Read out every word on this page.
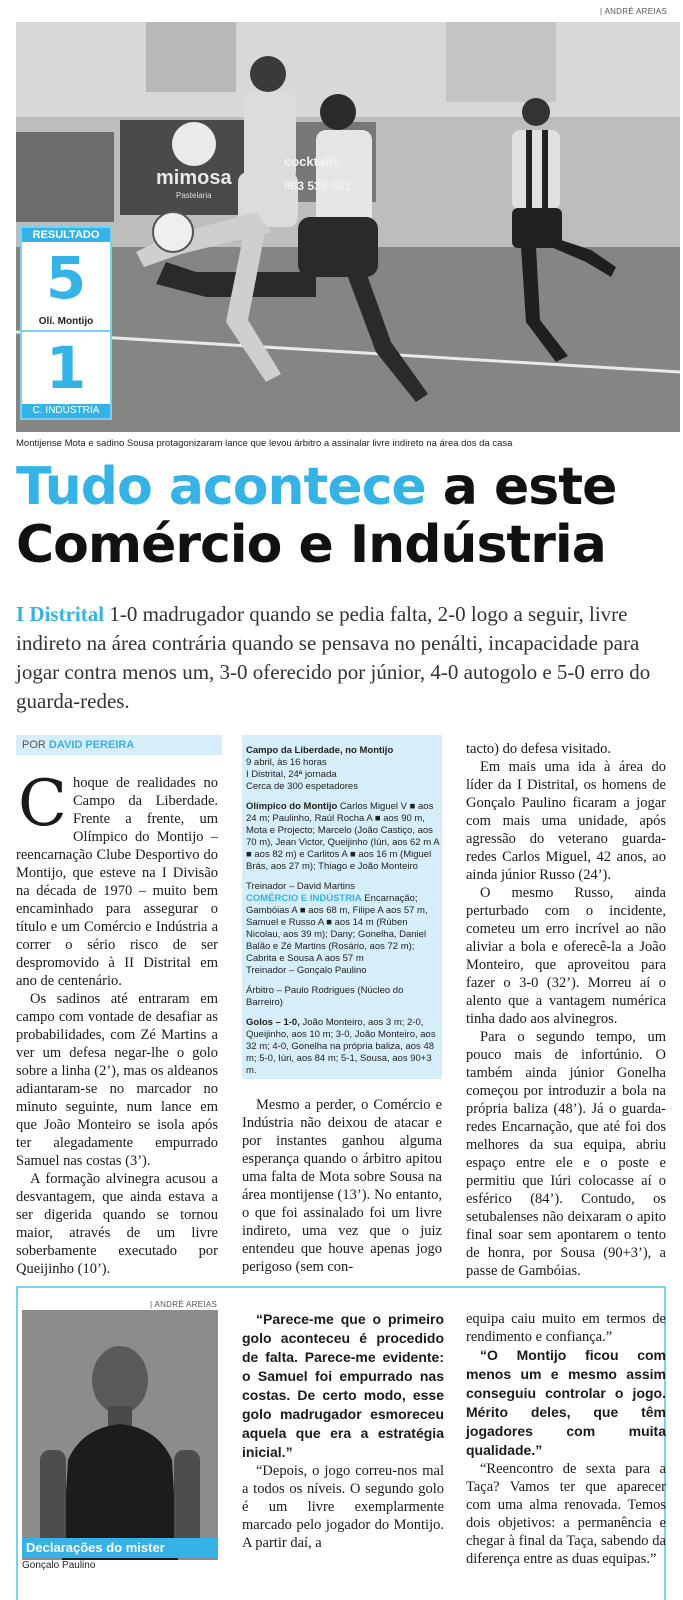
| ANDRÉ AREIAS
mimosa
Pastelaria
cocktails
963 535 581
RESULTADO
5
Olí. Montijo
1
C. INDÚSTRIA
Montijense Mota e sadino Sousa protagonizaram lance que levou árbitro a assinalar livre indireto na área dos da casa
Tudo acontece a este
Comércio e Indústria
I Distrital 1-0 madrugador quando se pedia falta, 2-0 logo a seguir, livre indireto na área contrária quando se pensava no penálti, incapacidade para jogar contra menos um, 3-0 oferecido por júnior, 4-0 autogolo e 5-0 erro do guarda-redes.
POR DAVID PEREIRA

Choque de realidades no Campo da Liberdade. Frente a frente, um Olímpico do Montijo – reencarnação Clube Desportivo do Montijo, que esteve na I Divisão na década de 1970 – muito bem encaminhado para assegurar o título e um Comércio e Indústria a correr o sério risco de ser despromovido à II Distrital em ano de centenário.

Os sadinos até entraram em campo com vontade de desafiar as probabilidades, com Zé Martins a ver um defesa negar-lhe o golo sobre a linha (2’), mas os aldeanos adiantaram-se no marcador no minuto seguinte, num lance em que João Monteiro se isola após ter alegadamente empurrado Samuel nas costas (3’).

A formação alvinegra acusou a desvantagem, que ainda estava a ser digerida quando se tornou maior, através de um livre soberbamente executado por Queijinho (10’).

Campo da Liberdade, no Montijo
9 abril, às 16 horas
I Distrital, 24ª jornada
Cerca de 300 espetadores

Olímpico do Montijo Carlos Miguel V ■ aos 24 m; Paulinho, Raúl Rocha A ■ aos 90 m, Mota e Projecto; Marcelo (João Castiço, aos 70 m), Jean Victor, Queijinho (Iúri, aos 62 m A ■ aos 82 m) e Carlitos A ■ aos 16 m (Miguel Brás, aos 27 m); Thiago e João Monteiro

Treinador – David Martins

COMÉRCIO E INDÚSTRIA Encarnação; Gambóias A ■ aos 68 m, Filipe A aos 57 m, Samuel e Russo A ■ aos 14 m (Rúben Nicolau, aos 39 m); Dany; Gonelha, Daniel Balão e Zé Martins (Rosário, aos 72 m); Cabrita e Sousa A aos 57 m

Treinador – Gonçalo Paulino

Árbitro – Paulo Rodrigues (Núcleo do Barreiro)

Golos – 1-0, João Monteiro, aos 3 m; 2-0, Queijinho, aos 10 m; 3-0, João Monteiro, aos 32 m; 4-0, Gonelha na própria baliza, aos 48 m; 5-0, Iúri, aos 84 m; 5-1, Sousa, aos 90+3 m.

Mesmo a perder, o Comércio e Indústria não deixou de atacar e por instantes ganhou alguma esperança quando o árbitro apitou uma falta de Mota sobre Sousa na área montijense (13’). No entanto, o que foi assinalado foi um livre indireto, uma vez que o juiz entendeu que houve apenas jogo perigoso (sem con-

tacto) do defesa visitado.

Em mais uma ida à área do líder da I Distrital, os homens de Gonçalo Paulino ficaram a jogar com mais uma unidade, após agressão do veterano guarda-redes Carlos Miguel, 42 anos, ao ainda júnior Russo (24’).

O mesmo Russo, ainda perturbado com o incidente, cometeu um erro incrível ao não aliviar a bola e oferecê-la a João Monteiro, que aproveitou para fazer o 3-0 (32’). Morreu aí o alento que a vantagem numérica tinha dado aos alvinegros.

Para o segundo tempo, um pouco mais de infortúnio. O também ainda júnior Gonelha começou por introduzir a bola na própria baliza (48’). Já o guarda-redes Encarnação, que até foi dos melhores da sua equipa, abriu espaço entre ele e o poste e permitiu que Iúri colocasse aí o esférico (84’). Contudo, os setubalenses não deixaram o apito final soar sem apontarem o tento de honra, por Sousa (90+3’), a passe de Gambóias.

| ANDRÉ AREIAS
Declarações do mister
Gonçalo Paulino

“Parece-me que o primeiro golo aconteceu é procedido de falta. Parece-me evidente: o Samuel foi empurrado nas costas. De certo modo, esse golo madrugador esmoreceu aquela que era a estratégia inicial.”

“Depois, o jogo correu-nos mal a todos os níveis. O segundo golo é um livre exemplarmente marcado pelo jogador do Montijo. A partir daí, a

equipa caiu muito em termos de rendimento e confiança.”

“O Montijo ficou com menos um e mesmo assim conseguiu controlar o jogo. Mérito deles, que têm jogadores com muita qualidade.”

“Reencontro de sexta para a Taça? Vamos ter que aparecer com uma alma renovada. Temos dois objetivos: a permanência e chegar à final da Taça, sabendo da diferença entre as duas equipas.”
